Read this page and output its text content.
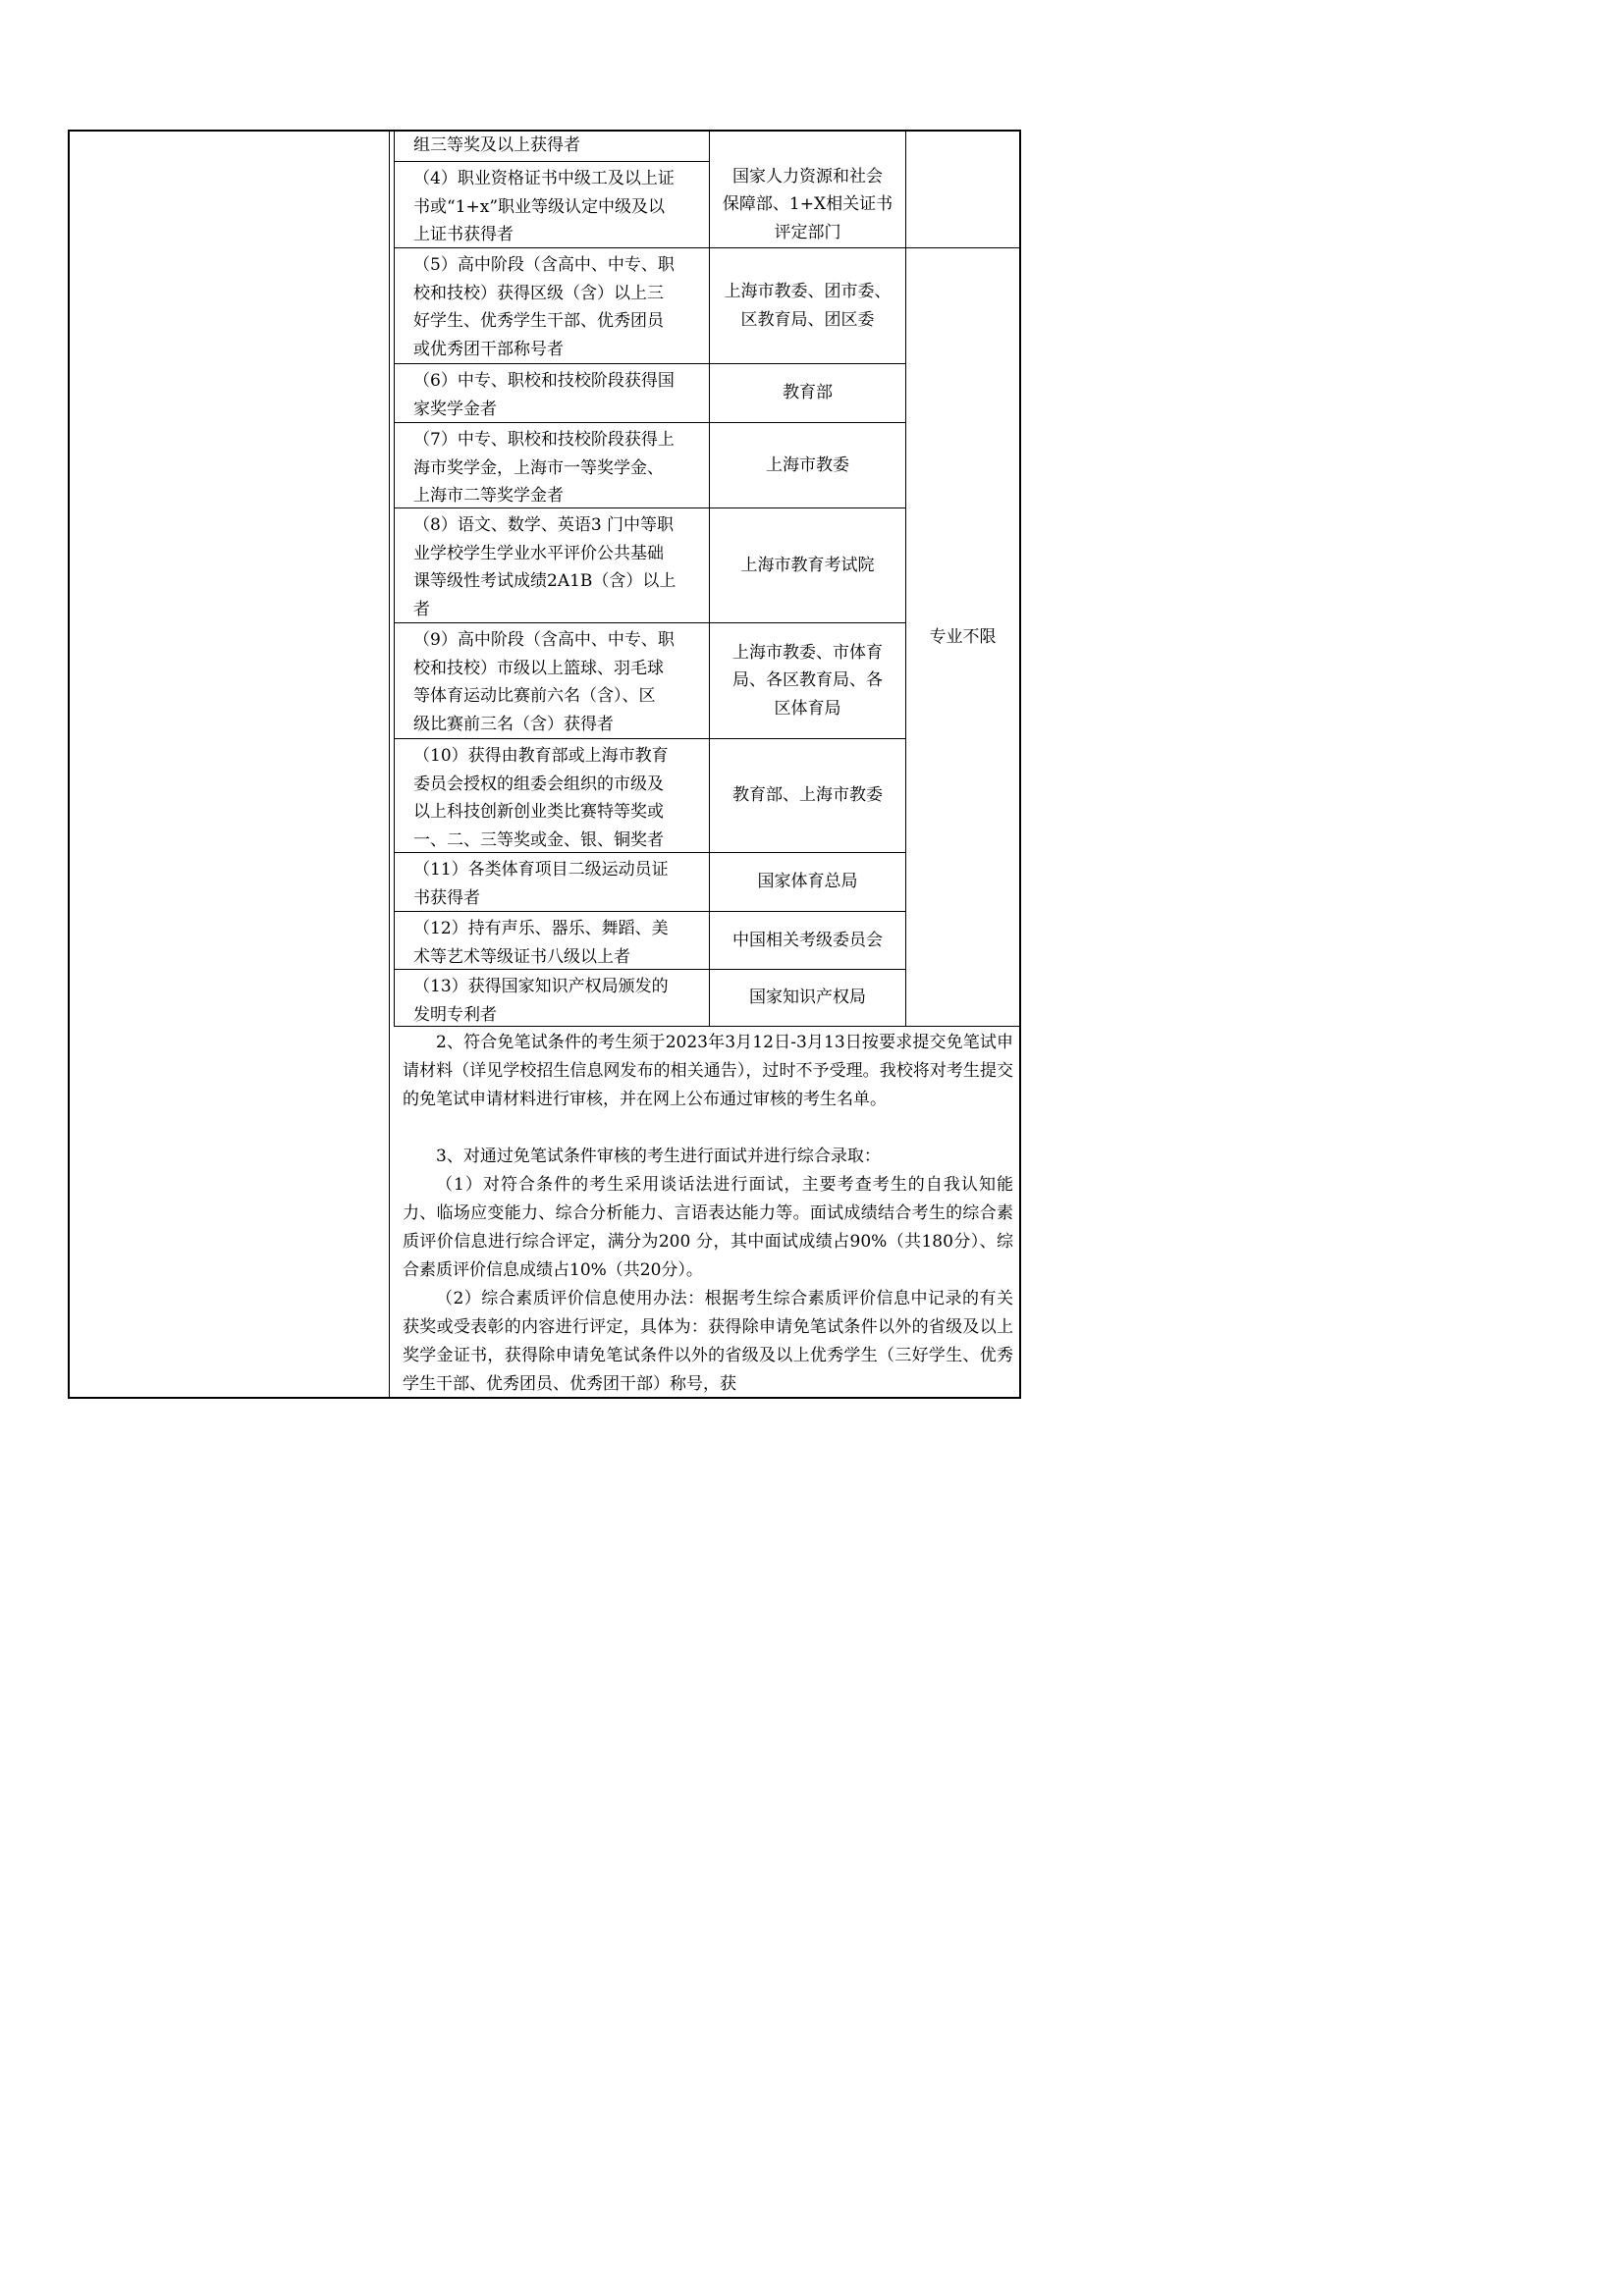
组三等奖及以上获得者
（4）职业资格证书中级工及以上证
书或“1+x”职业等级认定中级及以
上证书获得者
国家人力资源和社会
保障部、1+X相关证书
评定部门
（5）高中阶段（含高中、中专、职
校和技校）获得区级（含）以上三
好学生、优秀学生干部、优秀团员
或优秀团干部称号者
上海市教委、团市委、
区教育局、团区委
（6）中专、职校和技校阶段获得国
家奖学金者
教育部
（7）中专、职校和技校阶段获得上
海市奖学金，上海市一等奖学金、
上海市二等奖学金者
上海市教委
（8）语文、数学、英语3 门中等职
业学校学生学业水平评价公共基础
课等级性考试成绩2A1B（含）以上
者
上海市教育考试院
（9）高中阶段（含高中、中专、职
校和技校）市级以上篮球、羽毛球
等体育运动比赛前六名（含）、区
级比赛前三名（含）获得者
上海市教委、市体育
局、各区教育局、各
区体育局
（10）获得由教育部或上海市教育
委员会授权的组委会组织的市级及
以上科技创新创业类比赛特等奖或
一、二、三等奖或金、银、铜奖者
教育部、上海市教委
（11）各类体育项目二级运动员证
书获得者
国家体育总局
（12）持有声乐、器乐、舞蹈、美
术等艺术等级证书八级以上者
中国相关考级委员会
（13）获得国家知识产权局颁发的
发明专利者
国家知识产权局
专业不限

2、符合免笔试条件的考生须于2023年3月12日-3月13日按要求提交免笔试申请材料（详见学校招生信息网发布的相关通告），过时不予受理。我校将对考生提交的免笔试申请材料进行审核，并在网上公布通过审核的考生名单。

3、对通过免笔试条件审核的考生进行面试并进行综合录取：

（1）对符合条件的考生采用谈话法进行面试，主要考查考生的自我认知能力、临场应变能力、综合分析能力、言语表达能力等。面试成绩结合考生的综合素质评价信息进行综合评定，满分为200 分，其中面试成绩占90%（共180分）、综合素质评价信息成绩占10%（共20分）。

（2）综合素质评价信息使用办法：根据考生综合素质评价信息中记录的有关获奖或受表彰的内容进行评定，具体为：获得除申请免笔试条件以外的省级及以上奖学金证书，获得除申请免笔试条件以外的省级及以上优秀学生（三好学生、优秀学生干部、优秀团员、优秀团干部）称号，获
